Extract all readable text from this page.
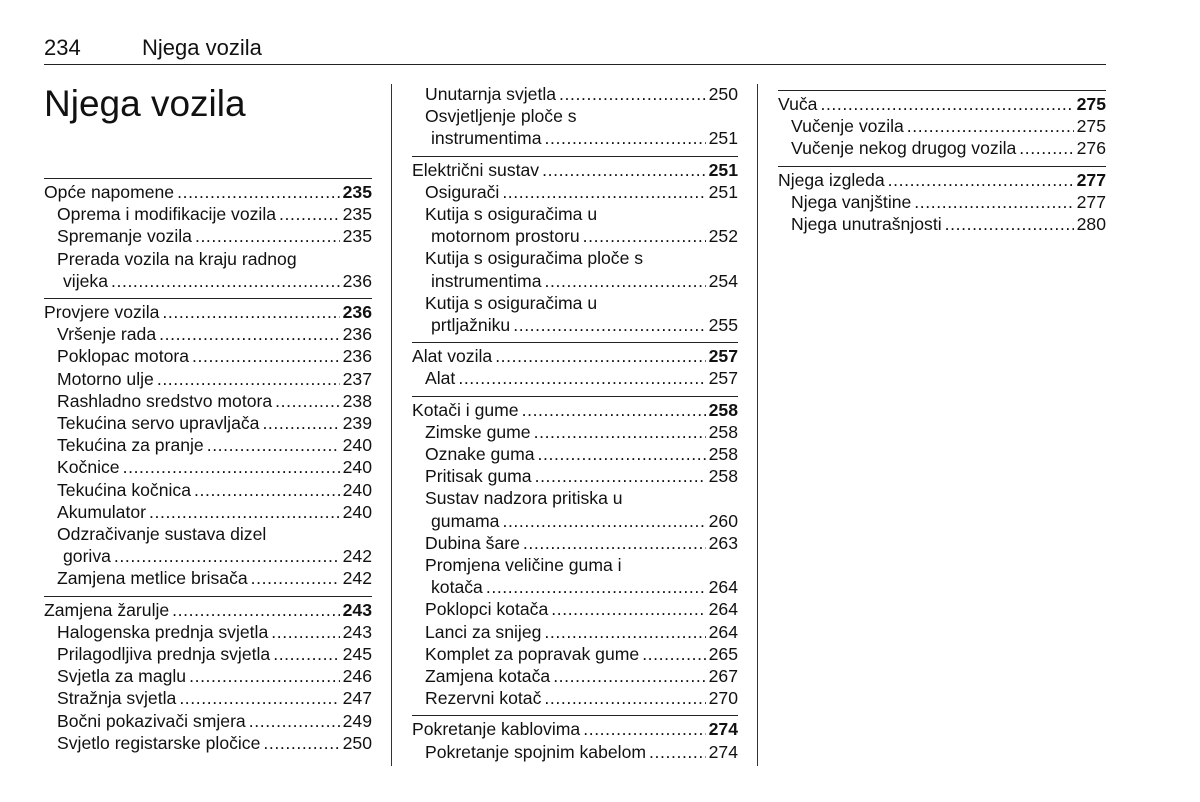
234	Njega vozila
Njega vozila
Opće napomene .....	235
Oprema i modifikacije vozila .....	235
Spremanje vozila .....	235
Prerada vozila na kraju radnog
vijeka .....	236
Provjere vozila .....	236
Vršenje rada .....	236
Poklopac motora .....	236
Motorno ulje .....	237
Rashladno sredstvo motora .....	238
Tekućina servo upravljača .....	239
Tekućina za pranje .....	240
Kočnice .....	240
Tekućina kočnica .....	240
Akumulator .....	240
Odzračivanje sustava dizel
goriva .....	242
Zamjena metlice brisača .....	242
Zamjena žarulje .....	243
Halogenska prednja svjetla .....	243
Prilagodljiva prednja svjetla .....	245
Svjetla za maglu .....	246
Stražnja svjetla .....	247
Bočni pokazivači smjera .....	249
Svjetlo registarske pločice .....	250
Unutarnja svjetla .....	250
Osvjetljenje ploče s
instrumentima .....	251
Električni sustav .....	251
Osigurači .....	251
Kutija s osiguračima u
motornom prostoru .....	252
Kutija s osiguračima ploče s
instrumentima .....	254
Kutija s osiguračima u
prtljažniku .....	255
Alat vozila .....	257
Alat .....	257
Kotači i gume .....	258
Zimske gume .....	258
Oznake guma .....	258
Pritisak guma .....	258
Sustav nadzora pritiska u
gumama .....	260
Dubina šare .....	263
Promjena veličine guma i
kotača .....	264
Poklopci kotača .....	264
Lanci za snijeg .....	264
Komplet za popravak gume .....	265
Zamjena kotača .....	267
Rezervni kotač .....	270
Pokretanje kablovima .....	274
Pokretanje spojnim kabelom .....	274
Vuča .....	275
Vučenje vozila .....	275
Vučenje nekog drugog vozila .....	276
Njega izgleda .....	277
Njega vanjštine .....	277
Njega unutrašnjosti .....	280
